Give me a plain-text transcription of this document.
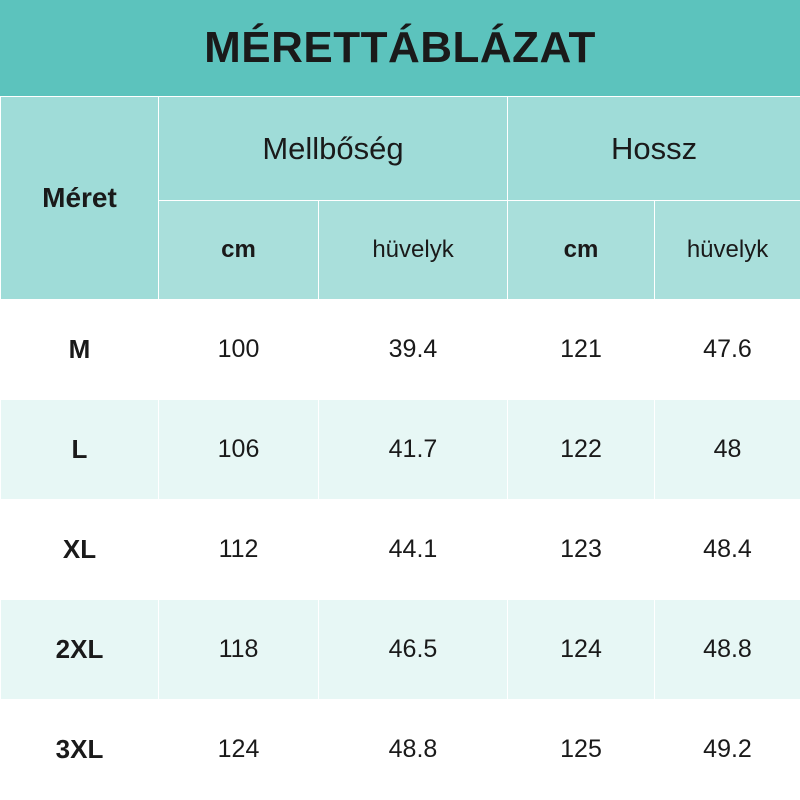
MÉRETTÁBLÁZAT
Méret	Mellbőség		Hossz	
	cm	hüvelyk	cm	hüvelyk
M	100	39.4	121	47.6
L	106	41.7	122	48
XL	112	44.1	123	48.4
2XL	118	46.5	124	48.8
3XL	124	48.8	125	49.2
